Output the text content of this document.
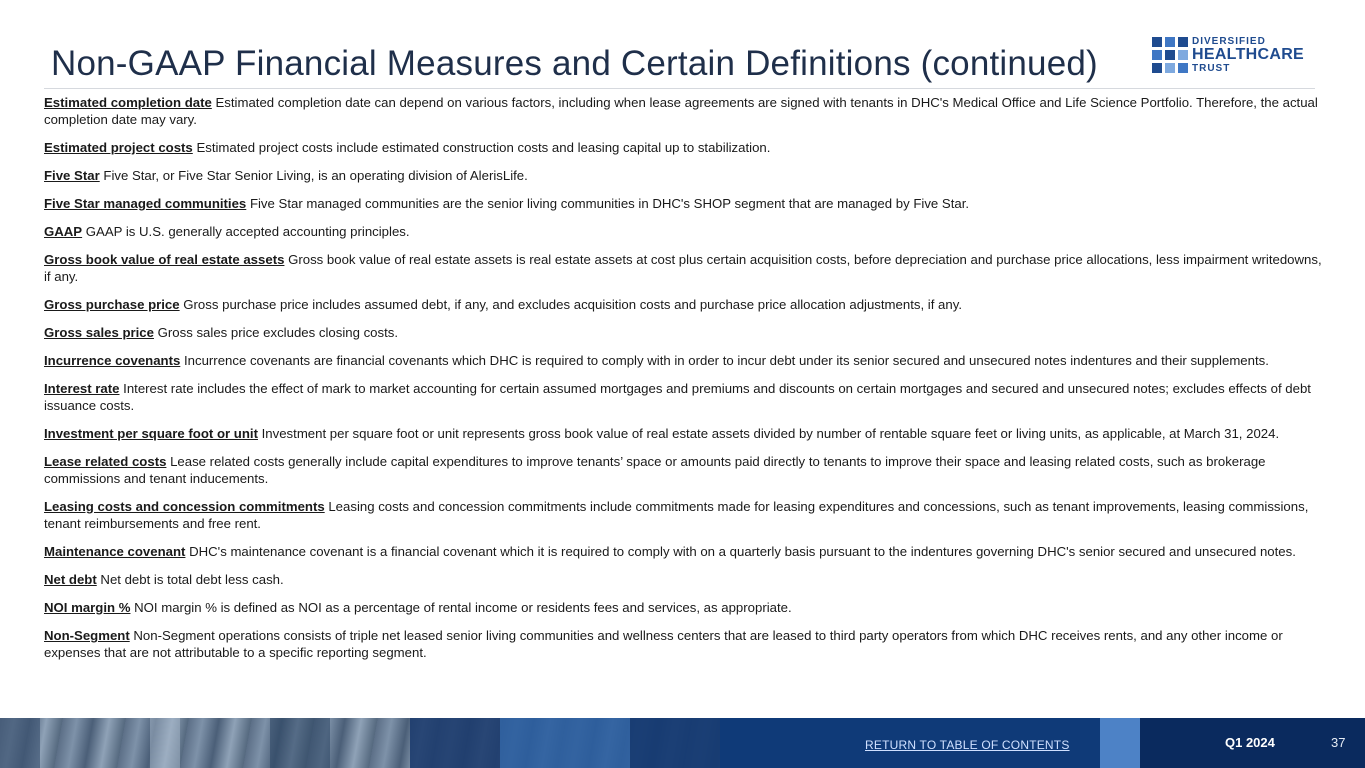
Non-GAAP Financial Measures and Certain Definitions (continued)
DIVERSIFIED
HEALTHCARE
TRUST

Estimated completion date Estimated completion date can depend on various factors, including when lease agreements are signed with tenants in DHC's Medical Office and Life Science Portfolio. Therefore, the actual completion date may vary.

Estimated project costs Estimated project costs include estimated construction costs and leasing capital up to stabilization.

Five Star Five Star, or Five Star Senior Living, is an operating division of AlerisLife.

Five Star managed communities Five Star managed communities are the senior living communities in DHC's SHOP segment that are managed by Five Star.

GAAP GAAP is U.S. generally accepted accounting principles.

Gross book value of real estate assets Gross book value of real estate assets is real estate assets at cost plus certain acquisition costs, before depreciation and purchase price allocations, less impairment writedowns, if any.

Gross purchase price Gross purchase price includes assumed debt, if any, and excludes acquisition costs and purchase price allocation adjustments, if any.

Gross sales price Gross sales price excludes closing costs.

Incurrence covenants Incurrence covenants are financial covenants which DHC is required to comply with in order to incur debt under its senior secured and unsecured notes indentures and their supplements.

Interest rate Interest rate includes the effect of mark to market accounting for certain assumed mortgages and premiums and discounts on certain mortgages and secured and unsecured notes; excludes effects of debt issuance costs.

Investment per square foot or unit Investment per square foot or unit represents gross book value of real estate assets divided by number of rentable square feet or living units, as applicable, at March 31, 2024.

Lease related costs Lease related costs generally include capital expenditures to improve tenants’ space or amounts paid directly to tenants to improve their space and leasing related costs, such as brokerage commissions and tenant inducements.

Leasing costs and concession commitments Leasing costs and concession commitments include commitments made for leasing expenditures and concessions, such as tenant improvements, leasing commissions, tenant reimbursements and free rent.

Maintenance covenant DHC's maintenance covenant is a financial covenant which it is required to comply with on a quarterly basis pursuant to the indentures governing DHC's senior secured and unsecured notes.

Net debt Net debt is total debt less cash.

NOI margin % NOI margin % is defined as NOI as a percentage of rental income or residents fees and services, as appropriate.

Non-Segment Non-Segment operations consists of triple net leased senior living communities and wellness centers that are leased to third party operators from which DHC receives rents, and any other income or expenses that are not attributable to a specific reporting segment.

RETURN TO TABLE OF CONTENTS	Q1 2024	37
